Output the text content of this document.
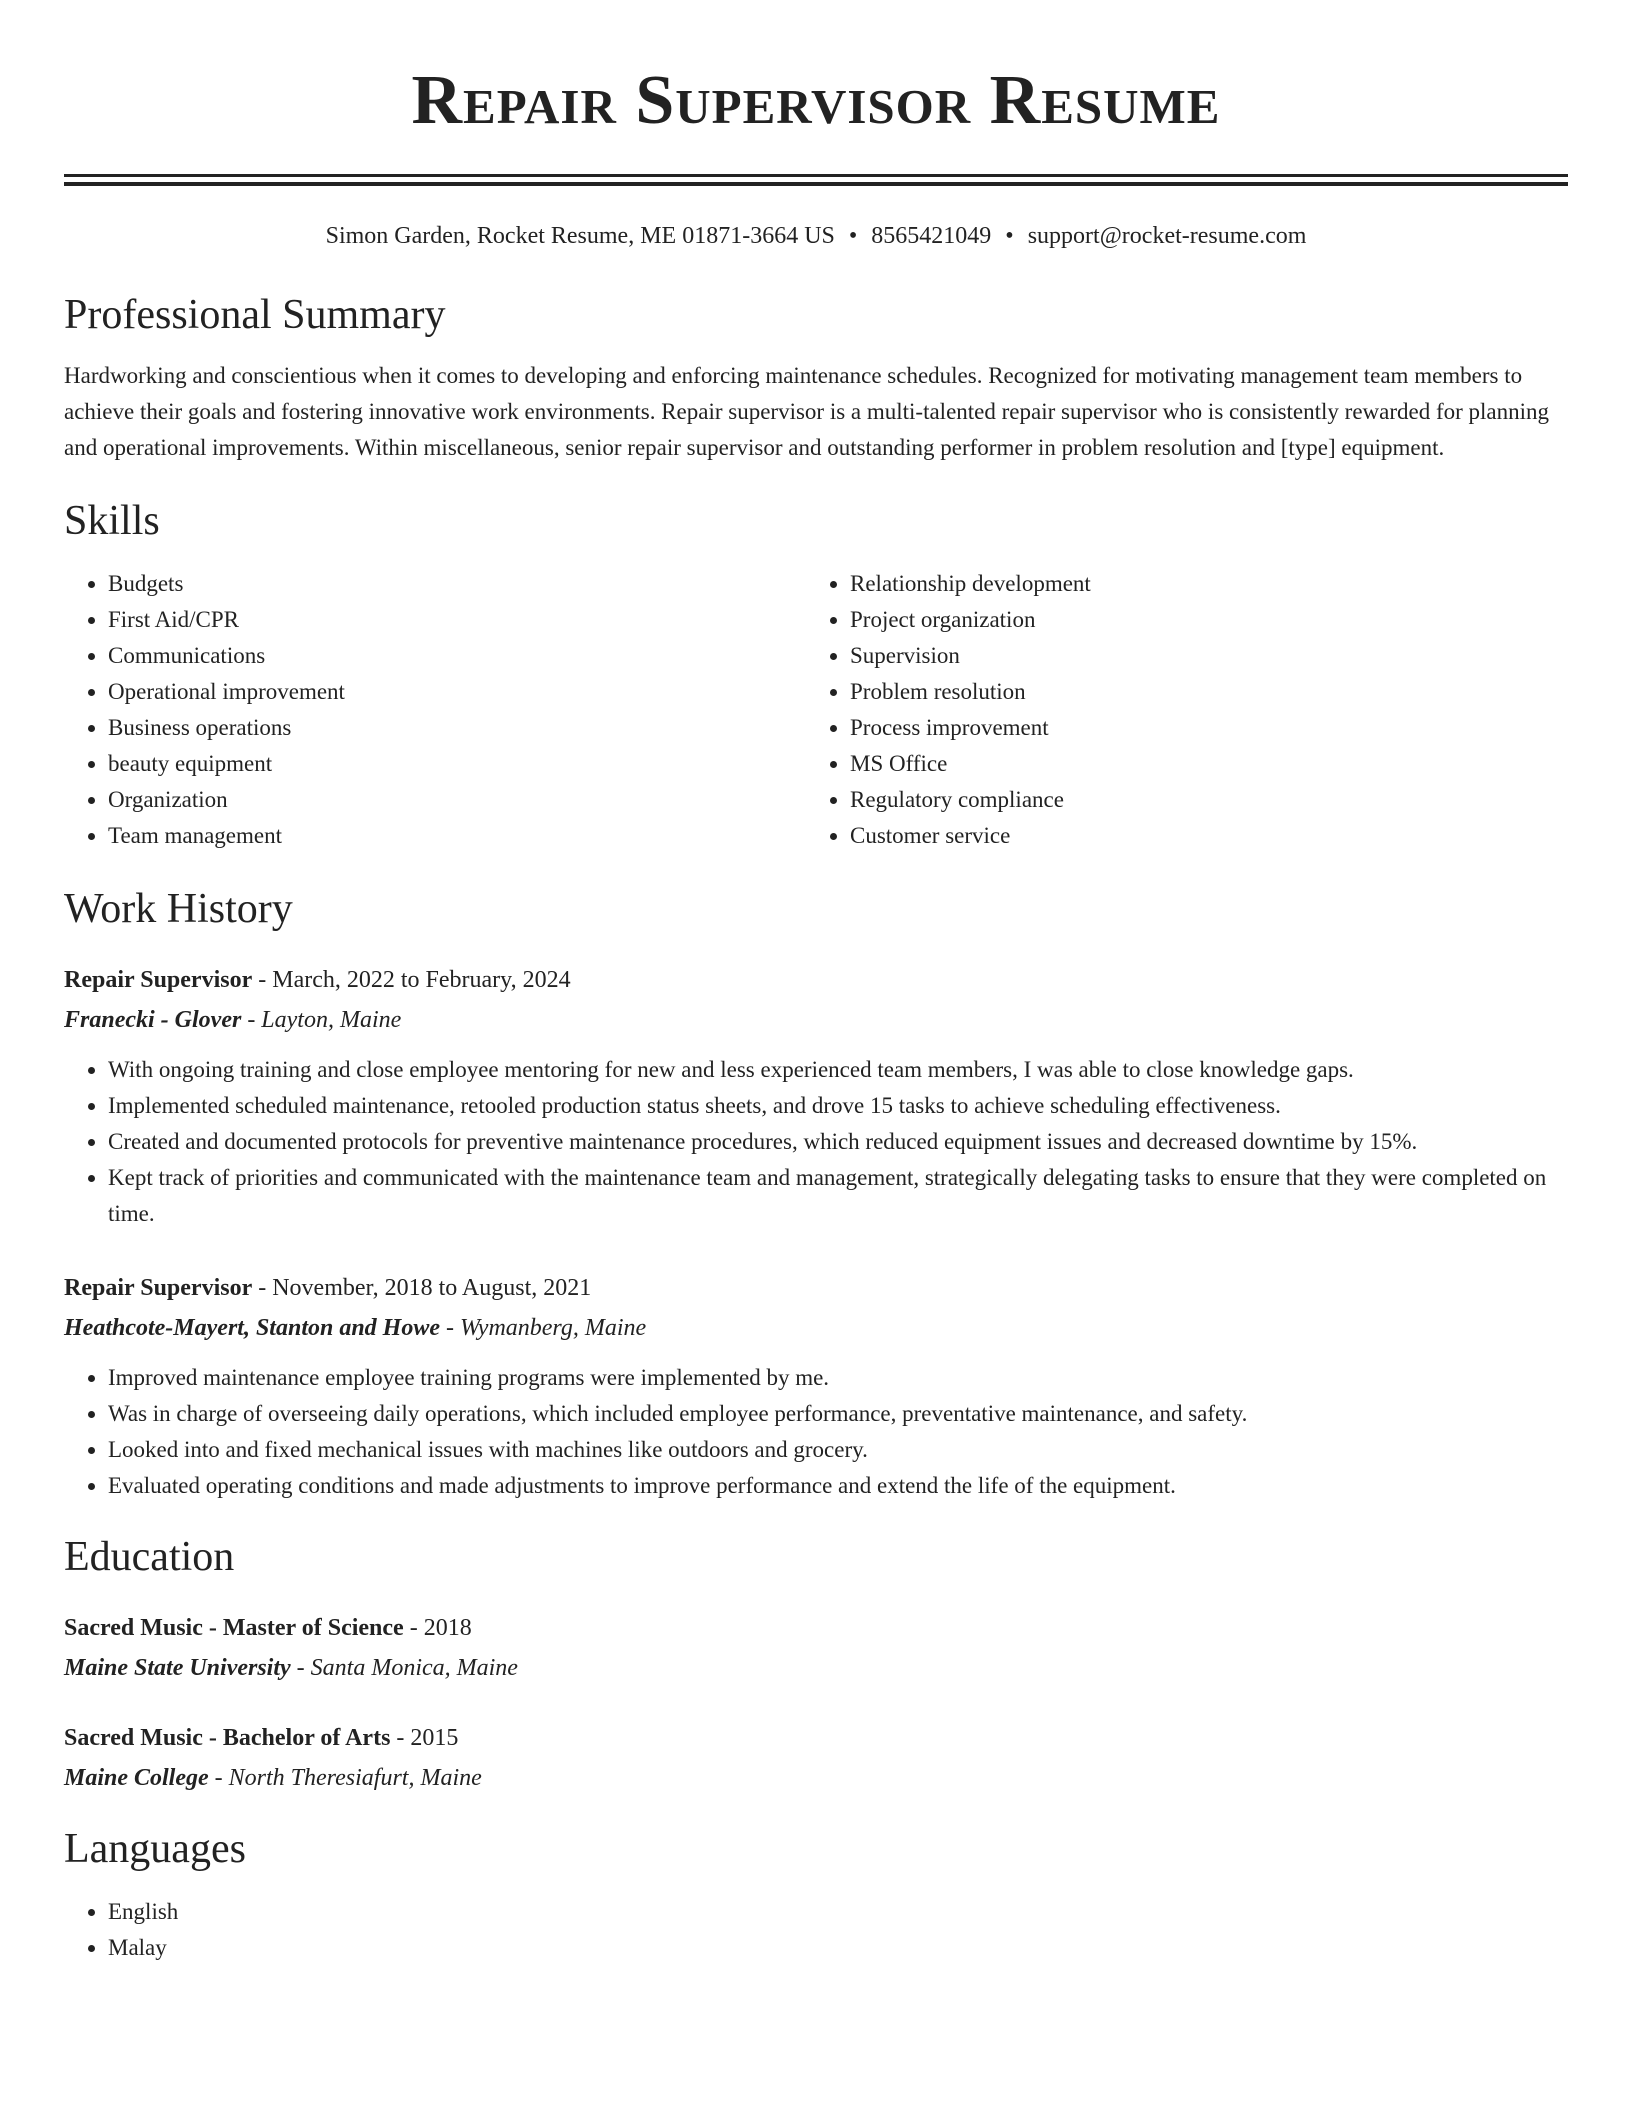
Repair Supervisor Resume
Simon Garden, Rocket Resume, ME 01871-3664 US • 8565421049 • support@rocket-resume.com
Professional Summary
Hardworking and conscientious when it comes to developing and enforcing maintenance schedules. Recognized for motivating management team members to achieve their goals and fostering innovative work environments. Repair supervisor is a multi-talented repair supervisor who is consistently rewarded for planning and operational improvements. Within miscellaneous, senior repair supervisor and outstanding performer in problem resolution and [type] equipment.
Skills
• Budgets
• First Aid/CPR
• Communications
• Operational improvement
• Business operations
• beauty equipment
• Organization
• Team management
• Relationship development
• Project organization
• Supervision
• Problem resolution
• Process improvement
• MS Office
• Regulatory compliance
• Customer service
Work History
Repair Supervisor - March, 2022 to February, 2024
Franecki - Glover - Layton, Maine
• With ongoing training and close employee mentoring for new and less experienced team members, I was able to close knowledge gaps.
• Implemented scheduled maintenance, retooled production status sheets, and drove 15 tasks to achieve scheduling effectiveness.
• Created and documented protocols for preventive maintenance procedures, which reduced equipment issues and decreased downtime by 15%.
• Kept track of priorities and communicated with the maintenance team and management, strategically delegating tasks to ensure that they were completed on time.
Repair Supervisor - November, 2018 to August, 2021
Heathcote-Mayert, Stanton and Howe - Wymanberg, Maine
• Improved maintenance employee training programs were implemented by me.
• Was in charge of overseeing daily operations, which included employee performance, preventative maintenance, and safety.
• Looked into and fixed mechanical issues with machines like outdoors and grocery.
• Evaluated operating conditions and made adjustments to improve performance and extend the life of the equipment.
Education
Sacred Music - Master of Science - 2018
Maine State University - Santa Monica, Maine
Sacred Music - Bachelor of Arts - 2015
Maine College - North Theresiafurt, Maine
Languages
• English
• Malay
